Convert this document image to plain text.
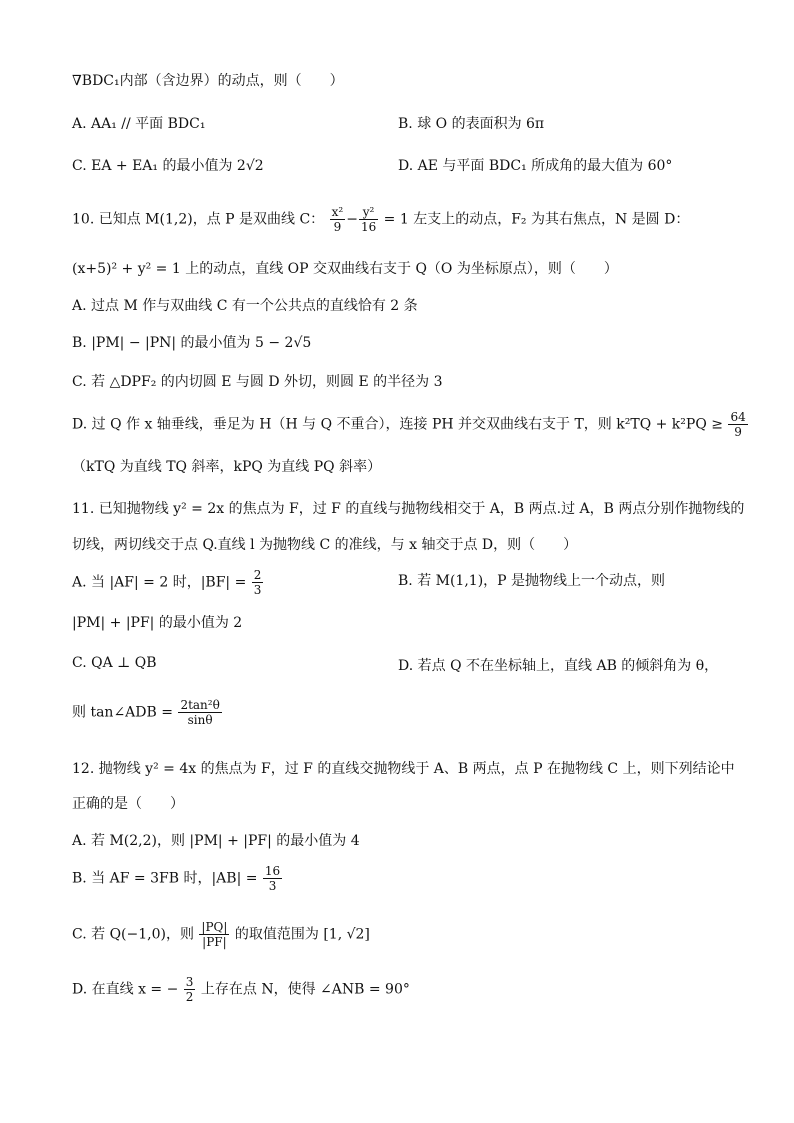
∇BDC₁内部（含边界）的动点，则（　　）
A. AA₁ // 平面 BDC₁	B. 球 O 的表面积为 6π
C. EA + EA₁ 的最小值为 2√2	D. AE 与平面 BDC₁ 所成角的最大值为 60°
10. 已知点 M(1,2)，点 P 是双曲线 C： $\frac{\text{x²}}{9} - \frac{\text{y²}}{16} = 1$ 左支上的动点，F₂ 为其右焦点，N 是圆 D：
(x+5)² + y² = 1 上的动点，直线 OP 交双曲线右支于 Q（O 为坐标原点），则（　　）
A. 过点 M 作与双曲线 C 有一个公共点的直线恰有 2 条
B. |PM| − |PN| 的最小值为 5 − 2√5
C. 若 △DPF₂ 的内切圆 E 与圆 D 外切，则圆 E 的半径为 3
D. 过 Q 作 x 轴垂线，垂足为 H（H 与 Q 不重合），连接 PH 并交双曲线右支于 T，则 $k^2TQ + k^2PQ \ge \frac{64}{9}$
（kTQ 为直线 TQ 斜率，kPQ 为直线 PQ 斜率）
11. 已知抛物线 y² = 2x 的焦点为 F，过 F 的直线与抛物线相交于 A，B 两点.过 A，B 两点分别作抛物线的
切线，两切线交于点 Q.直线 l 为抛物线 C 的准线，与 x 轴交于点 D，则（　　）
A. 当 |AF| = 2 时，$|BF| = \frac{2}{3}$	B. 若 M(1,1)，P 是抛物线上一个动点，则
|PM| + |PF| 的最小值为 2
C. QA ⊥ QB	D. 若点 Q 不在坐标轴上，直线 AB 的倾斜角为 θ，
则 tan∠ADB = $\frac{\text{2tan²θ}}{\sin\theta}$
12. 抛物线 y² = 4x 的焦点为 F，过 F 的直线交抛物线于 A、B 两点，点 P 在抛物线 C 上，则下列结论中
正确的是（　　）
A. 若 M(2,2)，则 |PM| + |PF| 的最小值为 4
B. 当 AF = 3FB 时，$|AB| = \frac{16}{3}$
C. 若 Q(−1,0)，则 $\frac{|PQ|}{|PF|}$ 的取值范围为 [1, √2]
D. 在直线 x = − $\frac{3}{2}$ 上存在点 N，使得 ∠ANB = 90°
